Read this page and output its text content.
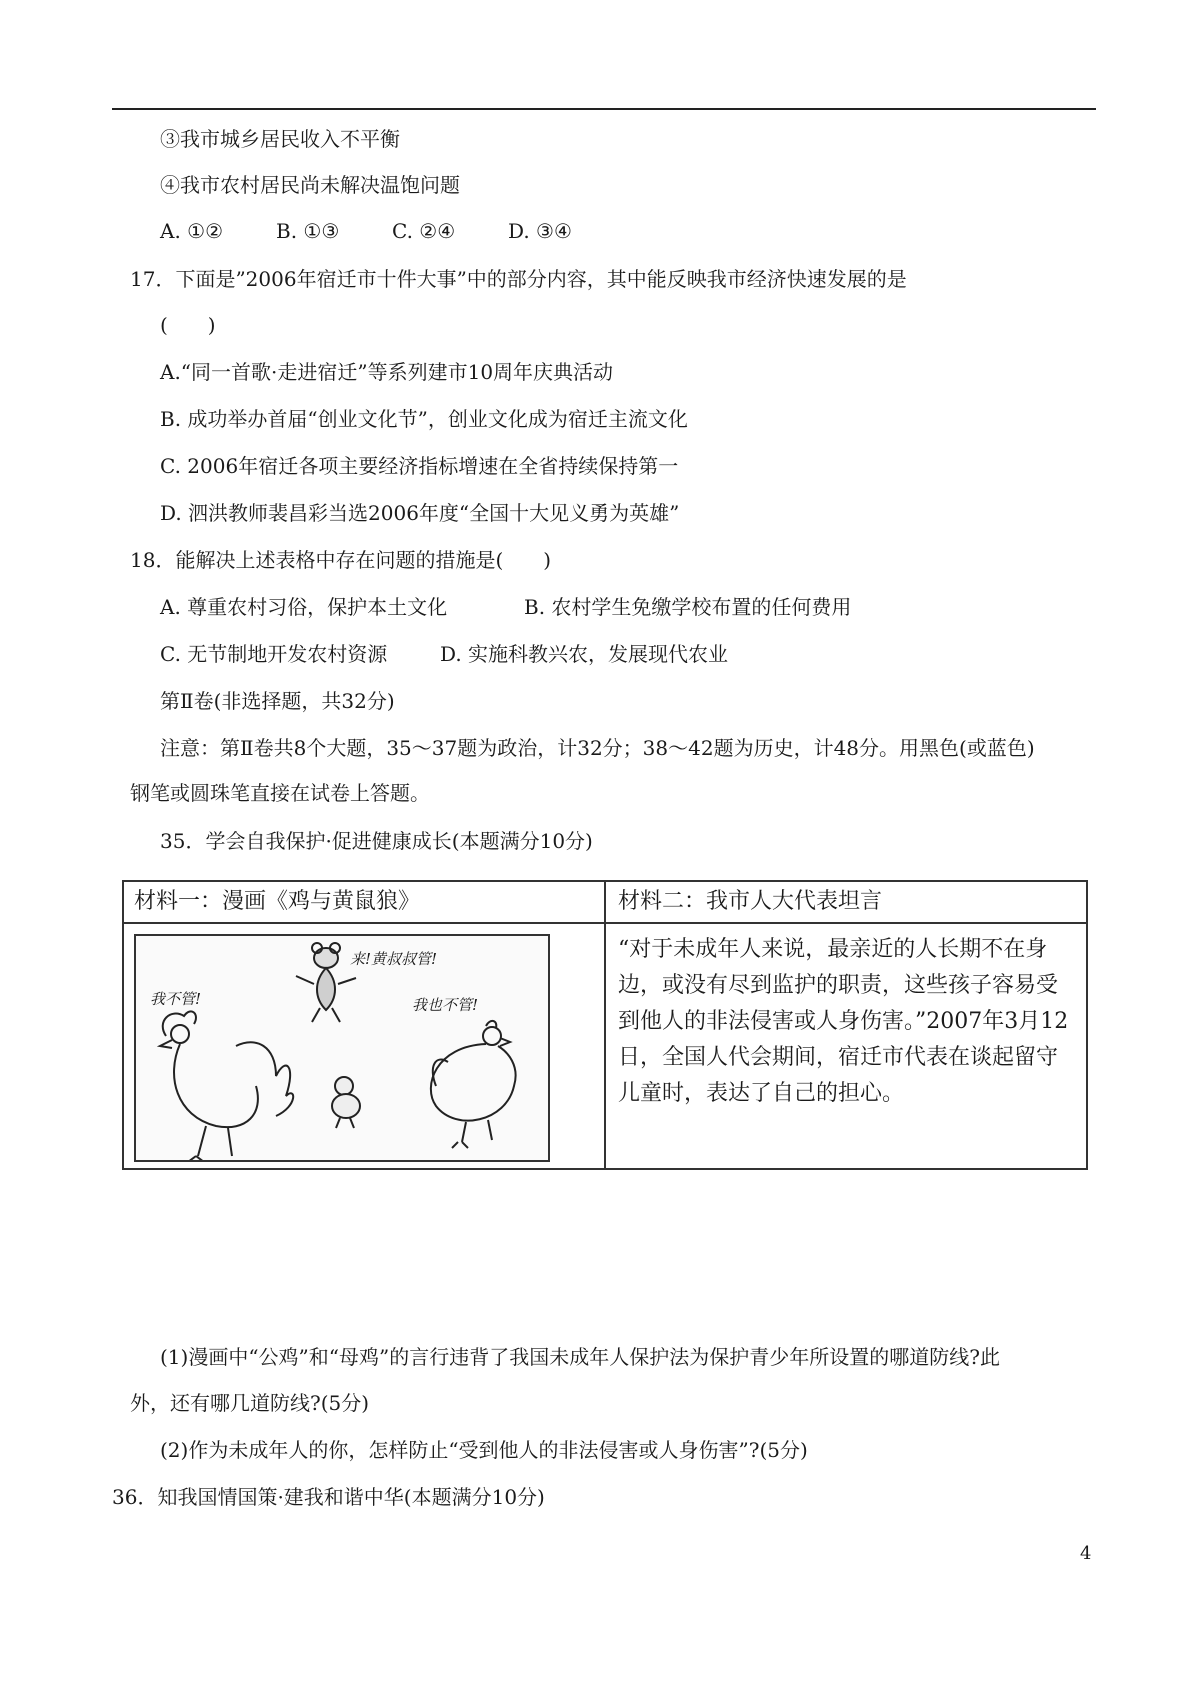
③我市城乡居民收入不平衡
④我市农村居民尚未解决温饱问题
A. ①②	B. ①③	C. ②④	D. ③④
17．下面是”2006年宿迁市十件大事”中的部分内容，其中能反映我市经济快速发展的是
(　　)
A.“同一首歌·走进宿迁”等系列建市10周年庆典活动
B. 成功举办首届“创业文化节”，创业文化成为宿迁主流文化
C. 2006年宿迁各项主要经济指标增速在全省持续保持第一
D. 泗洪教师裴昌彩当选2006年度“全国十大见义勇为英雄”
18．能解决上述表格中存在问题的措施是(　　)
A. 尊重农村习俗，保护本土文化	B. 农村学生免缴学校布置的任何费用
C. 无节制地开发农村资源	D. 实施科教兴农，发展现代农业
第Ⅱ卷(非选择题，共32分)
注意：第Ⅱ卷共8个大题，35～37题为政治，计32分；38～42题为历史，计48分。用黑色(或蓝色)
钢笔或圆珠笔直接在试卷上答题。
35．学会自我保护·促进健康成长(本题满分10分)
材料一：漫画《鸡与黄鼠狼》	材料二：我市人大代表坦言
来!黄叔叔管!
我不管!	我也不管!
“对于未成年人来说，最亲近的人长期不在身边，或没有尽到监护的职责，这些孩子容易受到他人的非法侵害或人身伤害。”2007年3月12日，全国人代会期间，宿迁市代表在谈起留守儿童时，表达了自己的担心。
(1)漫画中“公鸡”和“母鸡”的言行违背了我国未成年人保护法为保护青少年所设置的哪道防线?此
外，还有哪几道防线?(5分)
(2)作为未成年人的你，怎样防止“受到他人的非法侵害或人身伤害”?(5分)
36．知我国情国策·建我和谐中华(本题满分10分)
4
